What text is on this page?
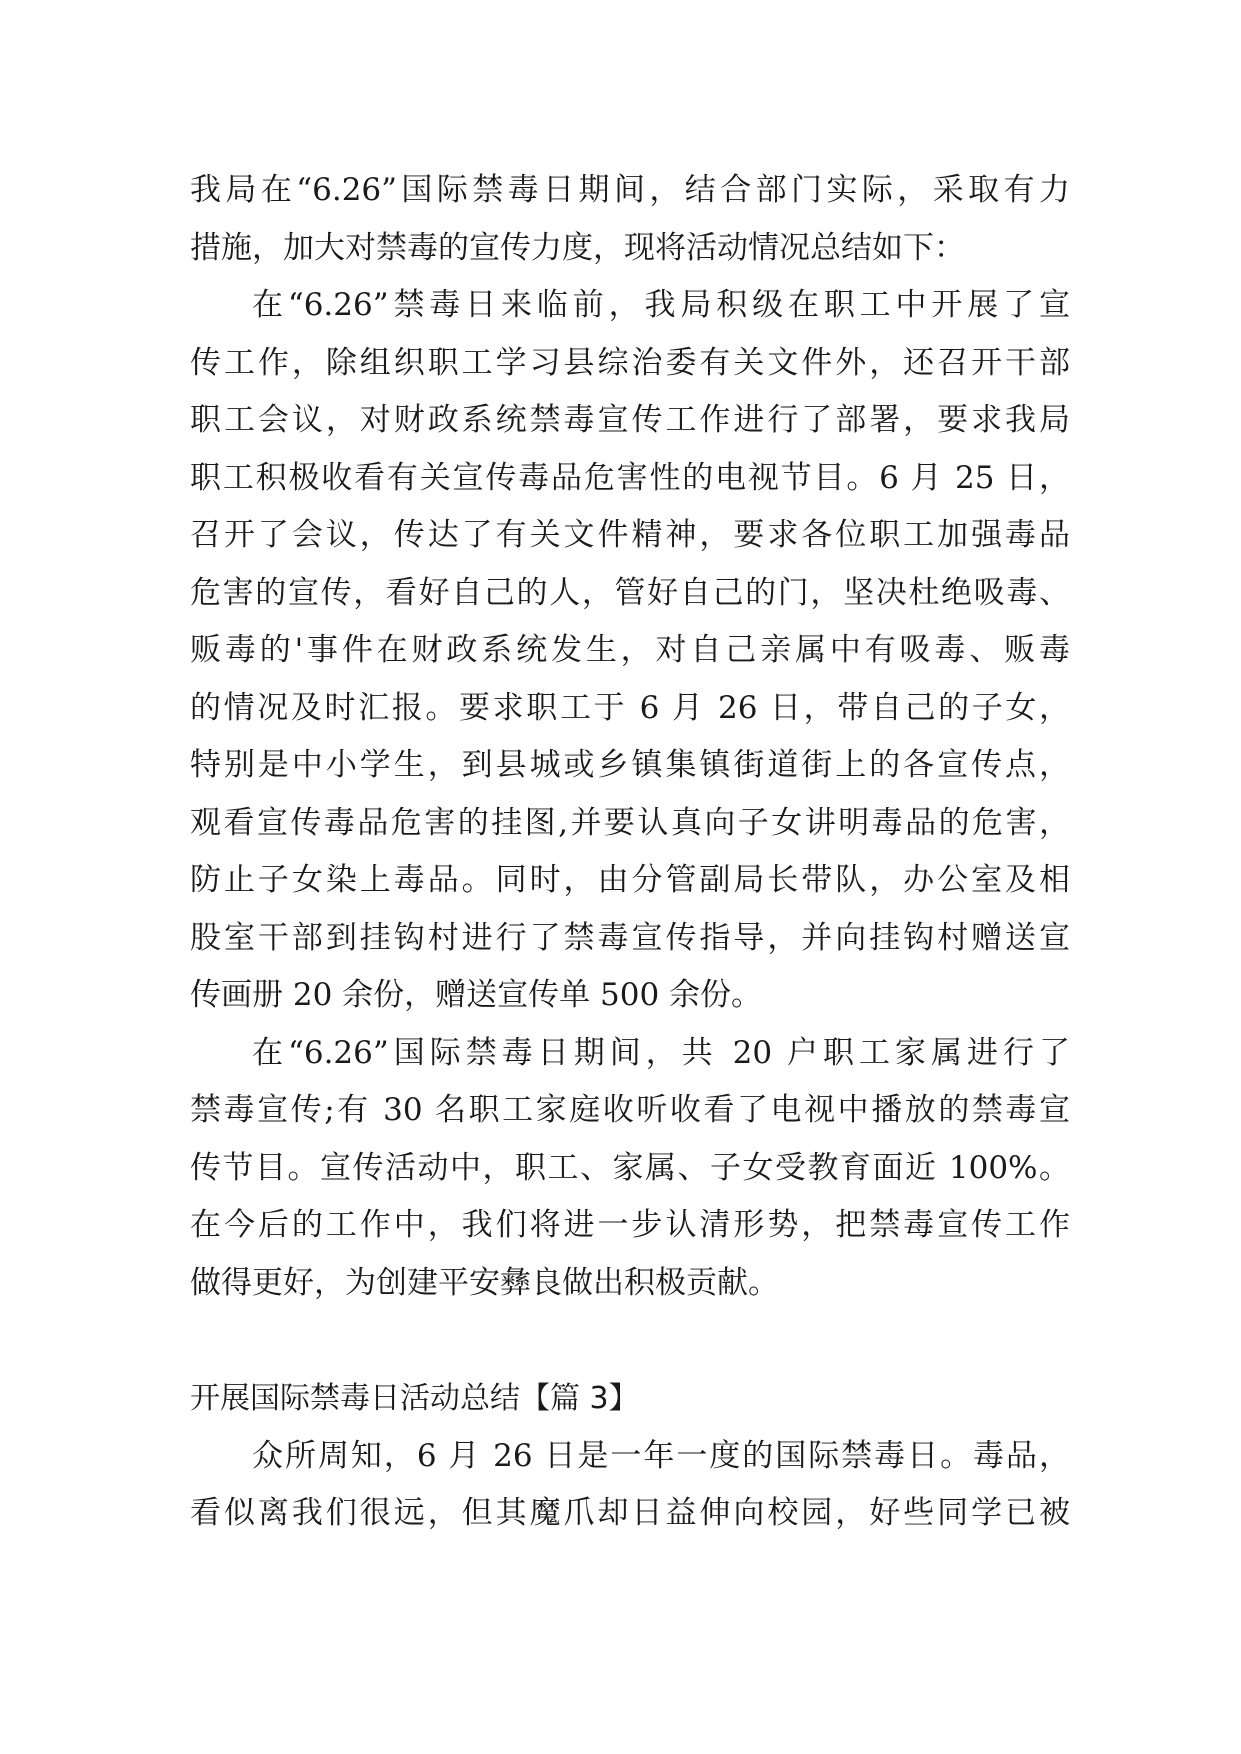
我局在“6.26”国际禁毒日期间，结合部门实际，采取有力
措施，加大对禁毒的宣传力度，现将活动情况总结如下：
在“6.26”禁毒日来临前，我局积级在职工中开展了宣
传工作，除组织职工学习县综治委有关文件外，还召开干部
职工会议，对财政系统禁毒宣传工作进行了部署，要求我局
职工积极收看有关宣传毒品危害性的电视节目。6 月 25 日，
召开了会议，传达了有关文件精神，要求各位职工加强毒品
危害的宣传，看好自己的人，管好自己的门，坚决杜绝吸毒、
贩毒的'事件在财政系统发生，对自己亲属中有吸毒、贩毒
的情况及时汇报。要求职工于 6 月 26 日，带自己的子女，
特别是中小学生，到县城或乡镇集镇街道街上的各宣传点，
观看宣传毒品危害的挂图,并要认真向子女讲明毒品的危害，
防止子女染上毒品。同时，由分管副局长带队，办公室及相
股室干部到挂钩村进行了禁毒宣传指导，并向挂钩村赠送宣
传画册 20 余份，赠送宣传单 500 余份。
在“6.26”国际禁毒日期间，共 20 户职工家属进行了
禁毒宣传;有 30 名职工家庭收听收看了电视中播放的禁毒宣
传节目。宣传活动中，职工、家属、子女受教育面近 100%。
在今后的工作中，我们将进一步认清形势，把禁毒宣传工作
做得更好，为创建平安彝良做出积极贡献。
开展国际禁毒日活动总结【篇 3】
众所周知，6 月 26 日是一年一度的国际禁毒日。毒品，
看似离我们很远，但其魔爪却日益伸向校园，好些同学已被
